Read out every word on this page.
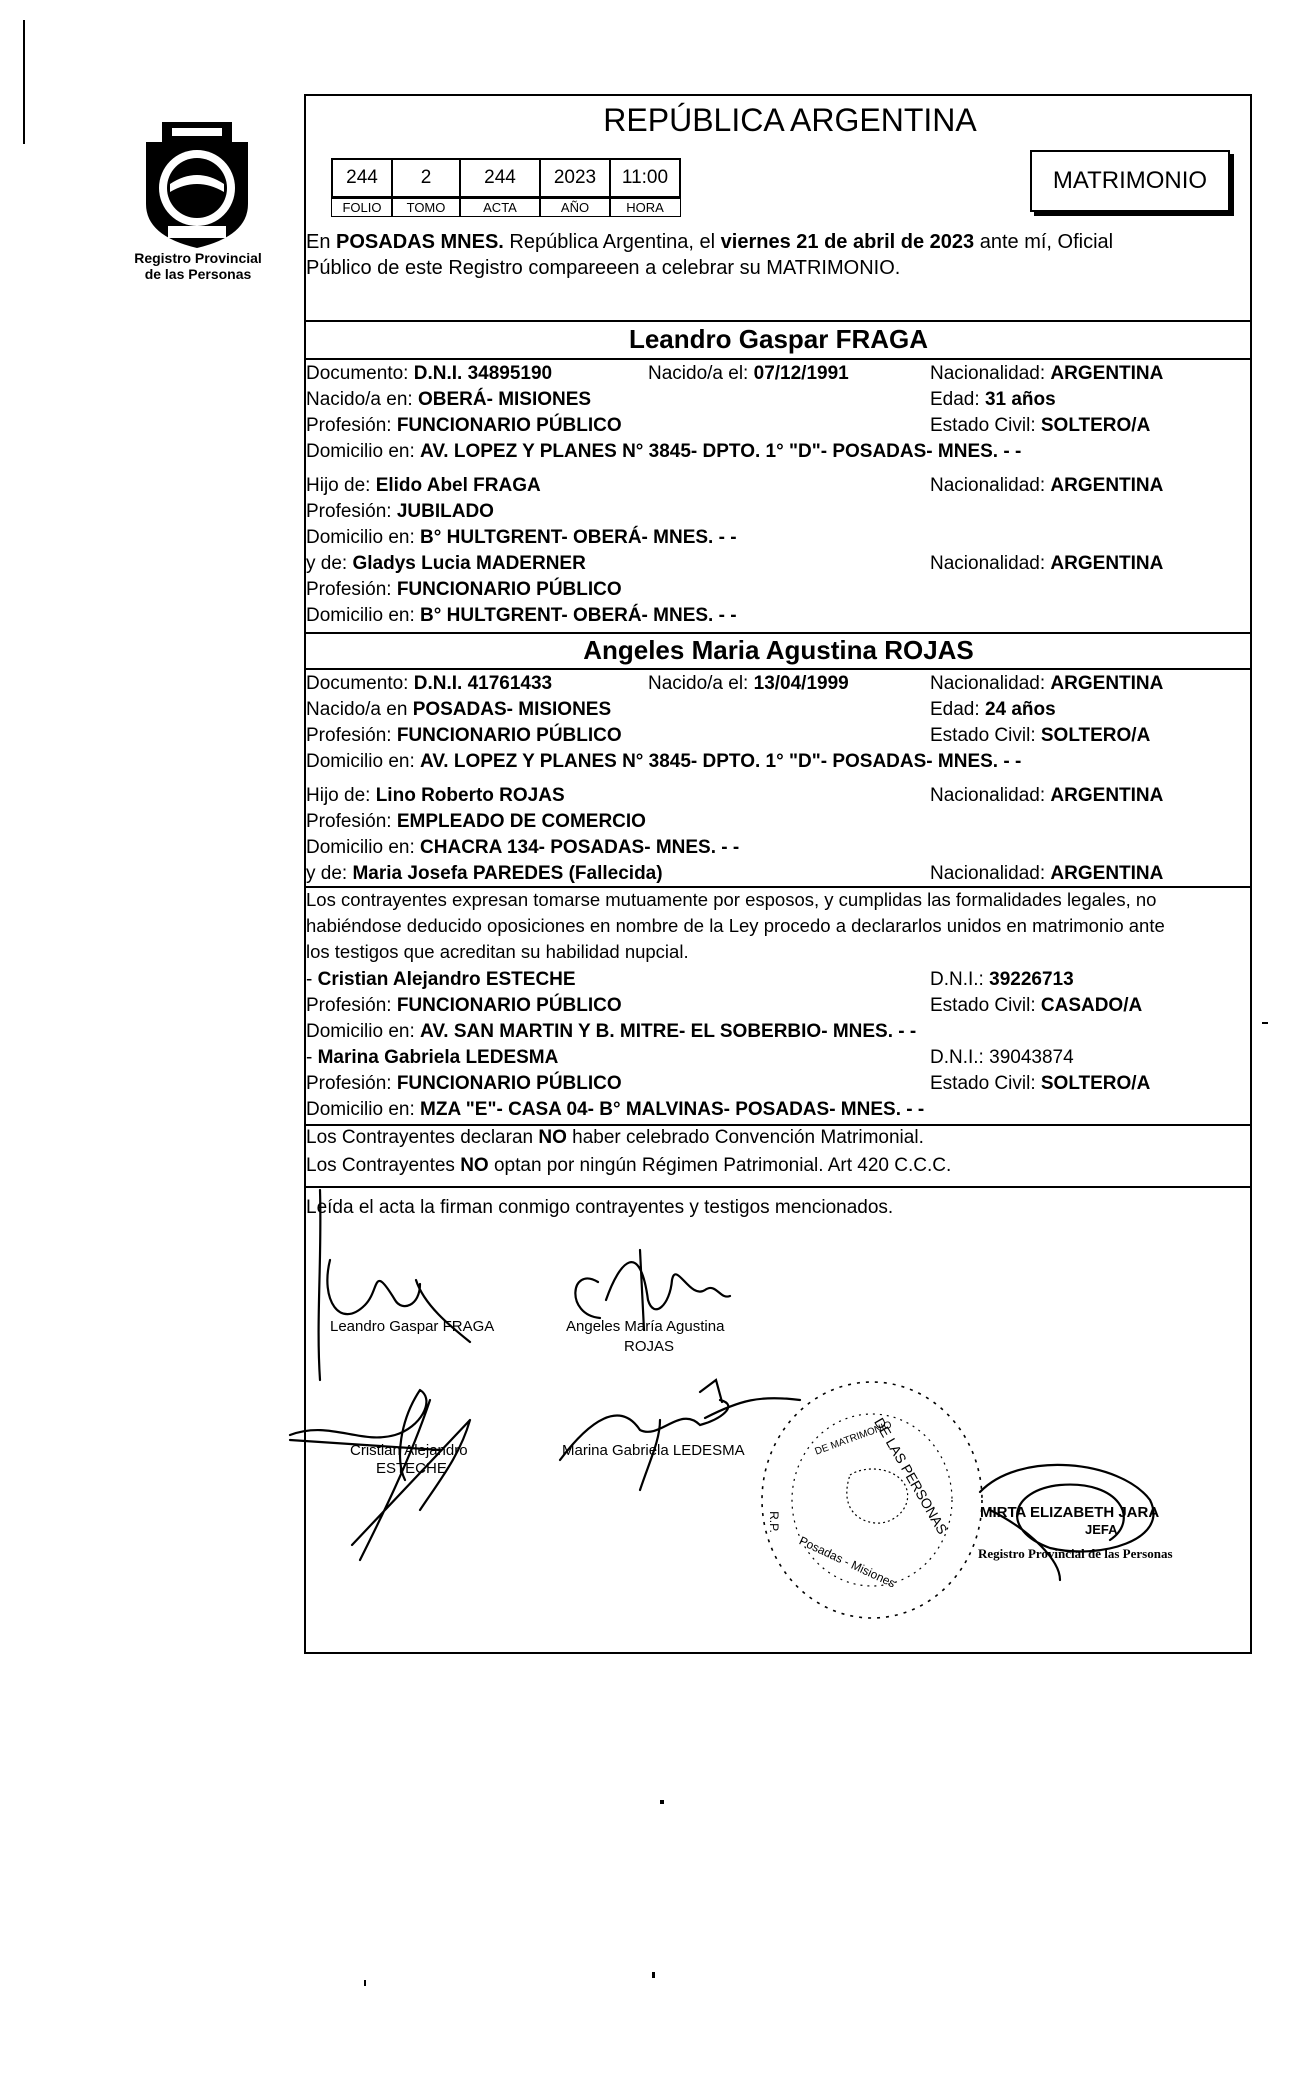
Registro Provincial
de las Personas
REPÚBLICA ARGENTINA
244	2	244	2023	11:00
FOLIO	TOMO	ACTA	AÑO	HORA
MATRIMONIO
En POSADAS MNES. República Argentina, el viernes 21 de abril de 2023 ante mí, Oficial
Público de este Registro compareeen a celebrar su MATRIMONIO.
Leandro Gaspar FRAGA
Documento: D.N.I. 34895190	Nacido/a el: 07/12/1991	Nacionalidad: ARGENTINA
Nacido/a en: OBERÁ- MISIONES	Edad: 31 años
Profesión: FUNCIONARIO PÚBLICO	Estado Civil: SOLTERO/A
Domicilio en: AV. LOPEZ Y PLANES N° 3845- DPTO. 1° "D"- POSADAS- MNES. - -
Hijo de: Elido Abel FRAGA	Nacionalidad: ARGENTINA
Profesión: JUBILADO
Domicilio en: B° HULTGRENT- OBERÁ- MNES. - -
y de: Gladys Lucia MADERNER	Nacionalidad: ARGENTINA
Profesión: FUNCIONARIO PÚBLICO
Domicilio en: B° HULTGRENT- OBERÁ- MNES. - -
Angeles Maria Agustina ROJAS
Documento: D.N.I. 41761433	Nacido/a el: 13/04/1999	Nacionalidad: ARGENTINA
Nacido/a en POSADAS- MISIONES	Edad: 24 años
Profesión: FUNCIONARIO PÚBLICO	Estado Civil: SOLTERO/A
Domicilio en: AV. LOPEZ Y PLANES N° 3845- DPTO. 1° "D"- POSADAS- MNES. - -
Hijo de: Lino Roberto ROJAS	Nacionalidad: ARGENTINA
Profesión: EMPLEADO DE COMERCIO
Domicilio en: CHACRA 134- POSADAS- MNES. - -
y de: Maria Josefa PAREDES (Fallecida)	Nacionalidad: ARGENTINA
Los contrayentes expresan tomarse mutuamente por esposos, y cumplidas las formalidades legales, no
habiéndose deducido oposiciones en nombre de la Ley procedo a declararlos unidos en matrimonio ante
los testigos que acreditan su habilidad nupcial.
- Cristian Alejandro ESTECHE	D.N.I.: 39226713
Profesión: FUNCIONARIO PÚBLICO	Estado Civil: CASADO/A
Domicilio en: AV. SAN MARTIN Y B. MITRE- EL SOBERBIO- MNES. - -
- Marina Gabriela LEDESMA	D.N.I.: 39043874
Profesión: FUNCIONARIO PÚBLICO	Estado Civil: SOLTERO/A
Domicilio en: MZA "E"- CASA 04- B° MALVINAS- POSADAS- MNES. - -
Los Contrayentes declaran NO haber celebrado Convención Matrimonial.
Los Contrayentes NO optan por ningún Régimen Patrimonial. Art 420 C.C.C.
Leída el acta la firman conmigo contrayentes y testigos mencionados.
Leandro Gaspar FRAGA	Angeles María Agustina
ROJAS
Cristian Alejandro
ESTECHE
Marina Gabriela LEDESMA
MIRTA ELIZABETH JARA
JEFA
Registro Provincial de las Personas
DE LAS PERSONAS
DE MATRIMONIO
Posadas - Misiones
R.P.
